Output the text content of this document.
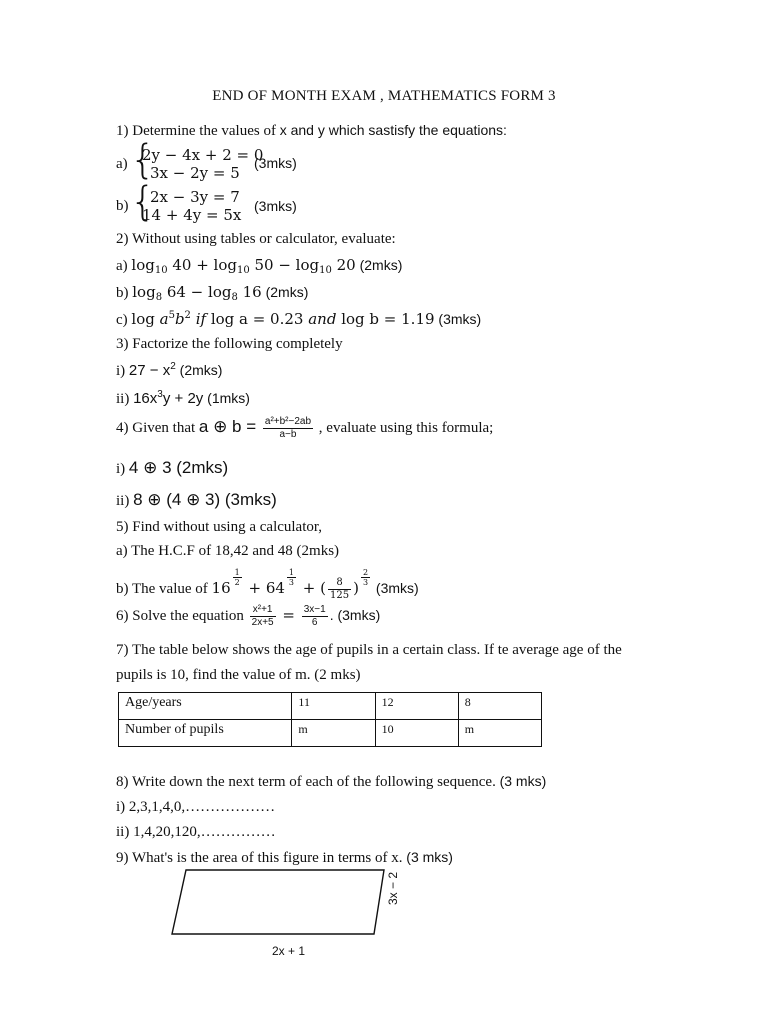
END OF MONTH EXAM , MATHEMATICS FORM 3
1) Determine the values of x and y which sastisfy the equations:
a) {
2y − 4x + 2 = 0
3x − 2y = 5
(3mks)
b) {
2x − 3y = 7
14 + 4y = 5x (3mks)
2) Without using tables or calculator, evaluate:
a) $\log_{10} 40 + \log_{10} 50 - \log_{10} 20$ (2mks)
b) $\log_8 64 - \log_8 16$ (2mks)
c) $\log a^5b^2$ if log a = 0.23 and log b = 1.19 (3mks)
3) Factorize the following completely
i) $27 - x^2$ (2mks)
ii) $16x^3y + 2y$ (1mks)
4) Given that a ⊕ $b = \frac{\text{a²+b²−2ab}}{a-b}$ , evaluate using this formula;
i) 4 ⊕ 3 (2mks)
ii) 8 ⊕ (4 ⊕ 3) (3mks)
5) Find without using a calculator,
a) The H.C.F of 18,42 and 48 (2mks)
b) The value of 16
$\frac{1}{2}$
+ 64
$\frac{1}{3}$
+ ( $\frac{8}{125}$ )
$\frac{2}{3}$
(3mks)
6) Solve the equation $\frac{\text{x²+1}}{2x+5} = \frac{3x-1}{6}$ . (3mks)
7) The table below shows the age of pupils in a certain class. If te average age of the
pupils is 10, find the value of m. (2 mks)
Age/years	11	12	8
Number of pupils	m	10	m
8) Write down the next term of each of the following sequence. (3 mks)
i) 2,3,1,4,0,………………
ii) 1,4,20,120,……………
9) What's is the area of this figure in terms of x. (3 mks)
3x − 2
2x + 1
